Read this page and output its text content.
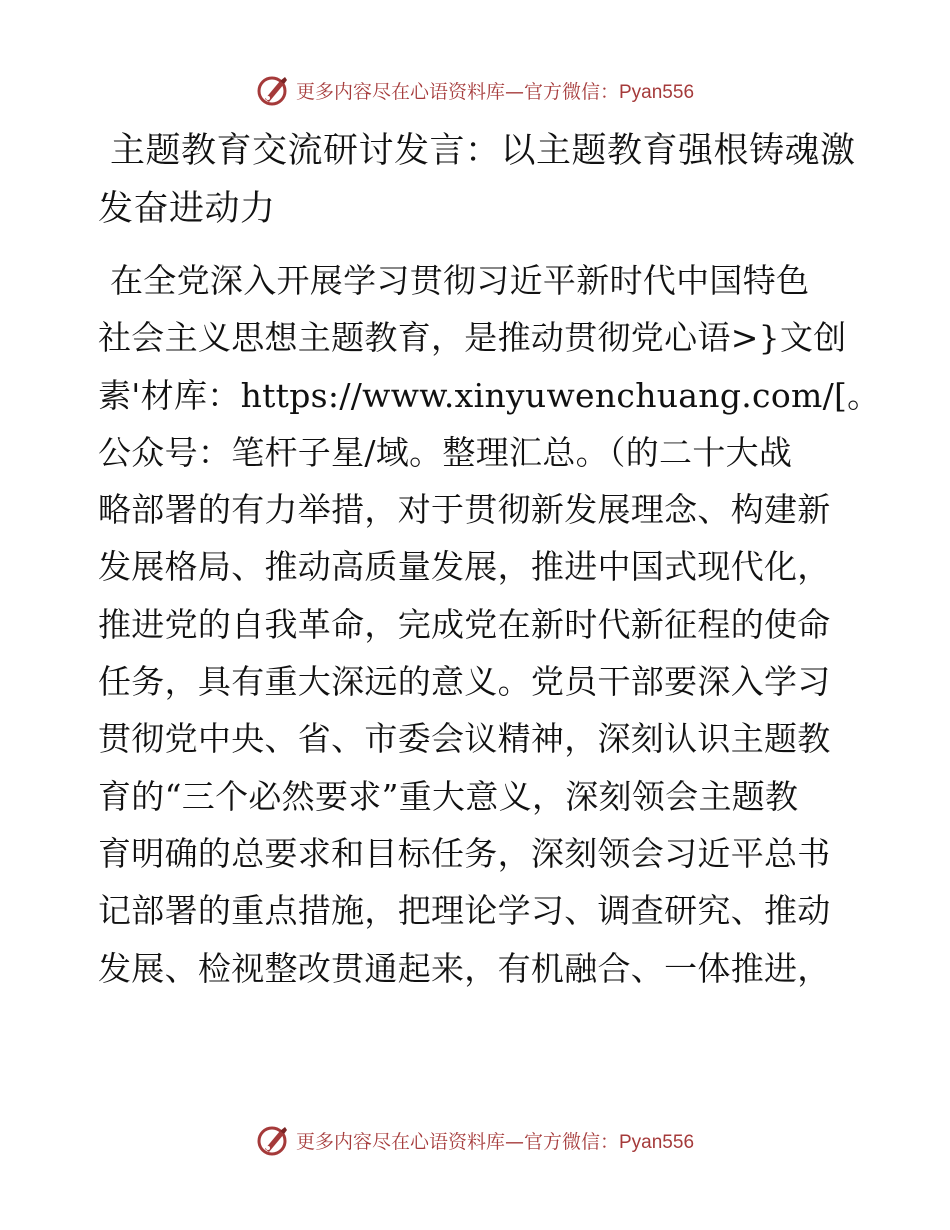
更多内容尽在心语资料库—官方微信：Pyan556
主题教育交流研讨发言：以主题教育强根铸魂激发奋进动力
在全党深入开展学习贯彻习近平新时代中国特色
社会主义思想主题教育，是推动贯彻党心语>}文创
素'材库：https://www.xinyuwenchuang.com/[。
公众号：笔杆子星/域。整理汇总。（的二十大战
略部署的有力举措，对于贯彻新发展理念、构建新
发展格局、推动高质量发展，推进中国式现代化，
推进党的自我革命，完成党在新时代新征程的使命
任务，具有重大深远的意义。党员干部要深入学习
贯彻党中央、省、市委会议精神，深刻认识主题教
育的“三个必然要求”重大意义，深刻领会主题教
育明确的总要求和目标任务，深刻领会习近平总书
记部署的重点措施，把理论学习、调查研究、推动
发展、检视整改贯通起来，有机融合、一体推进，
更多内容尽在心语资料库—官方微信：Pyan556
